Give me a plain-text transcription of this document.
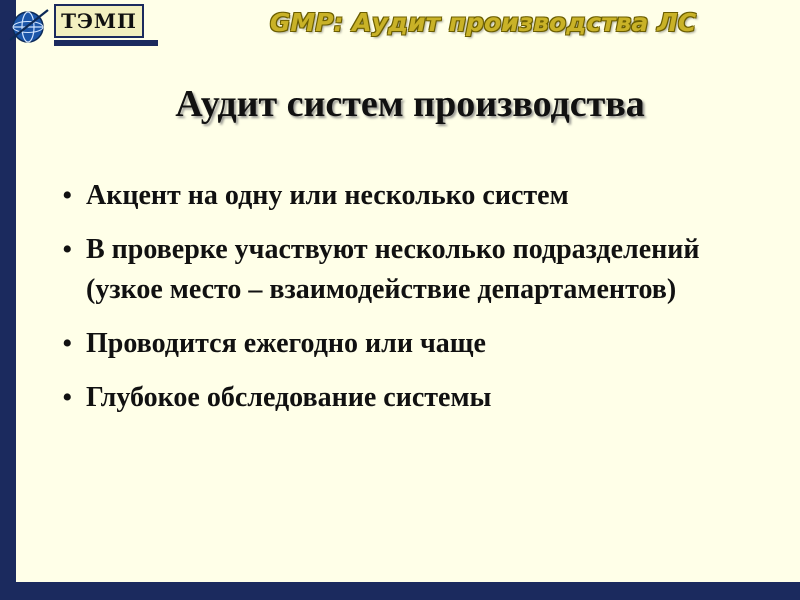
ТЭМП	GMP: Аудит производства ЛС
Аудит систем производства
• Акцент на одну или несколько систем
• В проверке участвуют несколько подразделений (узкое место – взаимодействие департаментов)
• Проводится ежегодно или чаще
• Глубокое обследование системы
